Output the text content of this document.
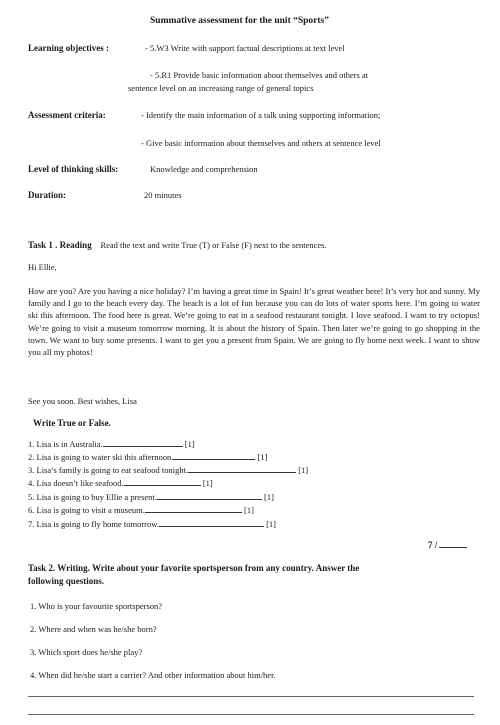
Summative assessment for the unit “Sports”
Learning objectives :	- 5.W3 Write with support factual descriptions at text level
- 5.R1 Provide basic information about themselves and others at
sentence level on an increasing range of general topics
Assessment criteria:	- Identify the main information of a talk using supporting information;
- Give basic information about themselves and others at sentence level
Level of thinking skills:	Knowledge and comprehension
Duration:	20 minutes
Task 1 . Reading Read the text and write True (T) or False (F) next to the sentences.
Hi Ellie,
How are you? Are you having a nice holiday? I’m having a great time in Spain! It’s great weather here! It’s very hot and sunny. My family and I go to the beach every day. The beach is a lot of fun because you can do lots of water sports here. I’m going to water ski this afternoon. The food here is great. We’re going to eat in a seafood restaurant tonight. I love seafood. I want to try octopus! We’re going to visit a museum tomorrow morning. It is about the history of Spain. Then later we’re going to go shopping in the town. We want to buy some presents. I want to get you a present from Spain. We are going to fly home next week. I want to show you all my photos!
See you soon. Best wishes, Lisa
Write True or False.
1. Lisa is in Australia.	[1]
2. Lisa is going to water ski this afternoon.	[1]
3. Lisa’s family is going to eat seafood tonight.	[1]
4. Lisa doesn’t like seafood.	[1]
5. Lisa is going to buy Ellie a present.	[1]
6. Lisa is going to visit a museum.	[1]
7. Lisa is going to fly home tomorrow.	[1]
7 /
Task 2. Writing. Write about your favorite sportsperson from any country. Answer the
following questions.
1. Who is your favourite sportsperson?
2. Where and when was he/she born?
3. Which sport does he/she play?
4. When did he/she start a carrier? And other information about him/her.
